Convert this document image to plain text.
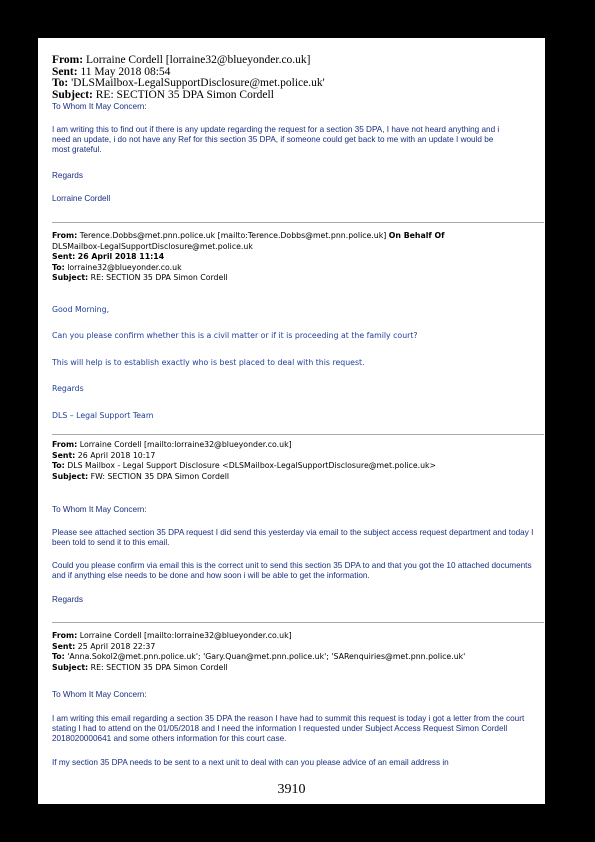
From: Lorraine Cordell [lorraine32@blueyonder.co.uk]
Sent: 11 May 2018 08:54
To: 'DLSMailbox-LegalSupportDisclosure@met.police.uk'
Subject: RE: SECTION 35 DPA Simon Cordell
To Whom It May Concern:
I am writing this to find out if there is any update regarding the request for a section 35 DPA, I have not heard anything and i need an update, i do not have any Ref for this section 35 DPA, if someone could get back to me with an update I would be most grateful.
Regards
Lorraine Cordell
From: Terence.Dobbs@met.pnn.police.uk [mailto:Terence.Dobbs@met.pnn.police.uk] On Behalf Of
DLSMailbox-LegalSupportDisclosure@met.police.uk
Sent: 26 April 2018 11:14
To: lorraine32@blueyonder.co.uk
Subject: RE: SECTION 35 DPA Simon Cordell
Good Morning,
Can you please confirm whether this is a civil matter or if it is proceeding at the family court?
This will help is to establish exactly who is best placed to deal with this request.
Regards
DLS – Legal Support Team
From: Lorraine Cordell [mailto:lorraine32@blueyonder.co.uk]
Sent: 26 April 2018 10:17
To: DLS Mailbox - Legal Support Disclosure <DLSMailbox-LegalSupportDisclosure@met.police.uk>
Subject: FW: SECTION 35 DPA Simon Cordell
To Whom It May Concern:
Please see attached section 35 DPA request I did send this yesterday via email to the subject access request department and today I been told to send it to this email.
Could you please confirm via email this is the correct unit to send this section 35 DPA to and that you got the 10 attached documents and if anything else needs to be done and how soon i will be able to get the information.
Regards
From: Lorraine Cordell [mailto:lorraine32@blueyonder.co.uk]
Sent: 25 April 2018 22:37
To: 'Anna.Sokol2@met.pnn.police.uk'; 'Gary.Quan@met.pnn.police.uk'; 'SARenquiries@met.pnn.police.uk'
Subject: RE: SECTION 35 DPA Simon Cordell
To Whom It May Concern:
I am writing this email regarding a section 35 DPA the reason I have had to summit this request is today i got a letter from the court stating I had to attend on the 01/05/2018 and I need the information I requested under Subject Access Request Simon Cordell 2018020000641 and some others information for this court case.
If my section 35 DPA needs to be sent to a next unit to deal with can you please advice of an email address in
3910
